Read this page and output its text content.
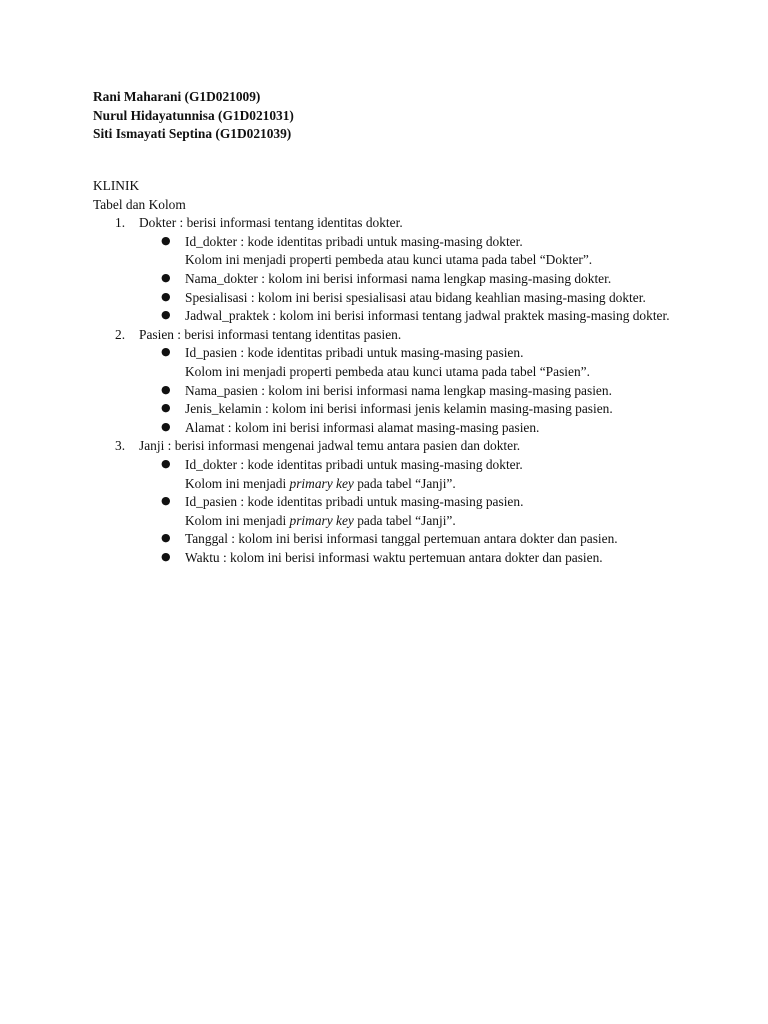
Rani Maharani (G1D021009)
Nurul Hidayatunnisa (G1D021031)
Siti Ismayati Septina (G1D021039)
KLINIK
Tabel dan Kolom
1. Dokter : berisi informasi tentang identitas dokter.
● Id_dokter : kode identitas pribadi untuk masing-masing dokter.
Kolom ini menjadi properti pembeda atau kunci utama pada tabel “Dokter”.
● Nama_dokter : kolom ini berisi informasi nama lengkap masing-masing dokter.
● Spesialisasi : kolom ini berisi spesialisasi atau bidang keahlian masing-masing dokter.
● Jadwal_praktek : kolom ini berisi informasi tentang jadwal praktek masing-masing dokter.
2. Pasien : berisi informasi tentang identitas pasien.
● Id_pasien : kode identitas pribadi untuk masing-masing pasien.
Kolom ini menjadi properti pembeda atau kunci utama pada tabel “Pasien”.
● Nama_pasien : kolom ini berisi informasi nama lengkap masing-masing pasien.
● Jenis_kelamin : kolom ini berisi informasi jenis kelamin masing-masing pasien.
● Alamat : kolom ini berisi informasi alamat masing-masing pasien.
3. Janji : berisi informasi mengenai jadwal temu antara pasien dan dokter.
● Id_dokter : kode identitas pribadi untuk masing-masing dokter.
Kolom ini menjadi primary key pada tabel “Janji”.
● Id_pasien : kode identitas pribadi untuk masing-masing pasien.
Kolom ini menjadi primary key pada tabel “Janji”.
● Tanggal : kolom ini berisi informasi tanggal pertemuan antara dokter dan pasien.
● Waktu : kolom ini berisi informasi waktu pertemuan antara dokter dan pasien.
